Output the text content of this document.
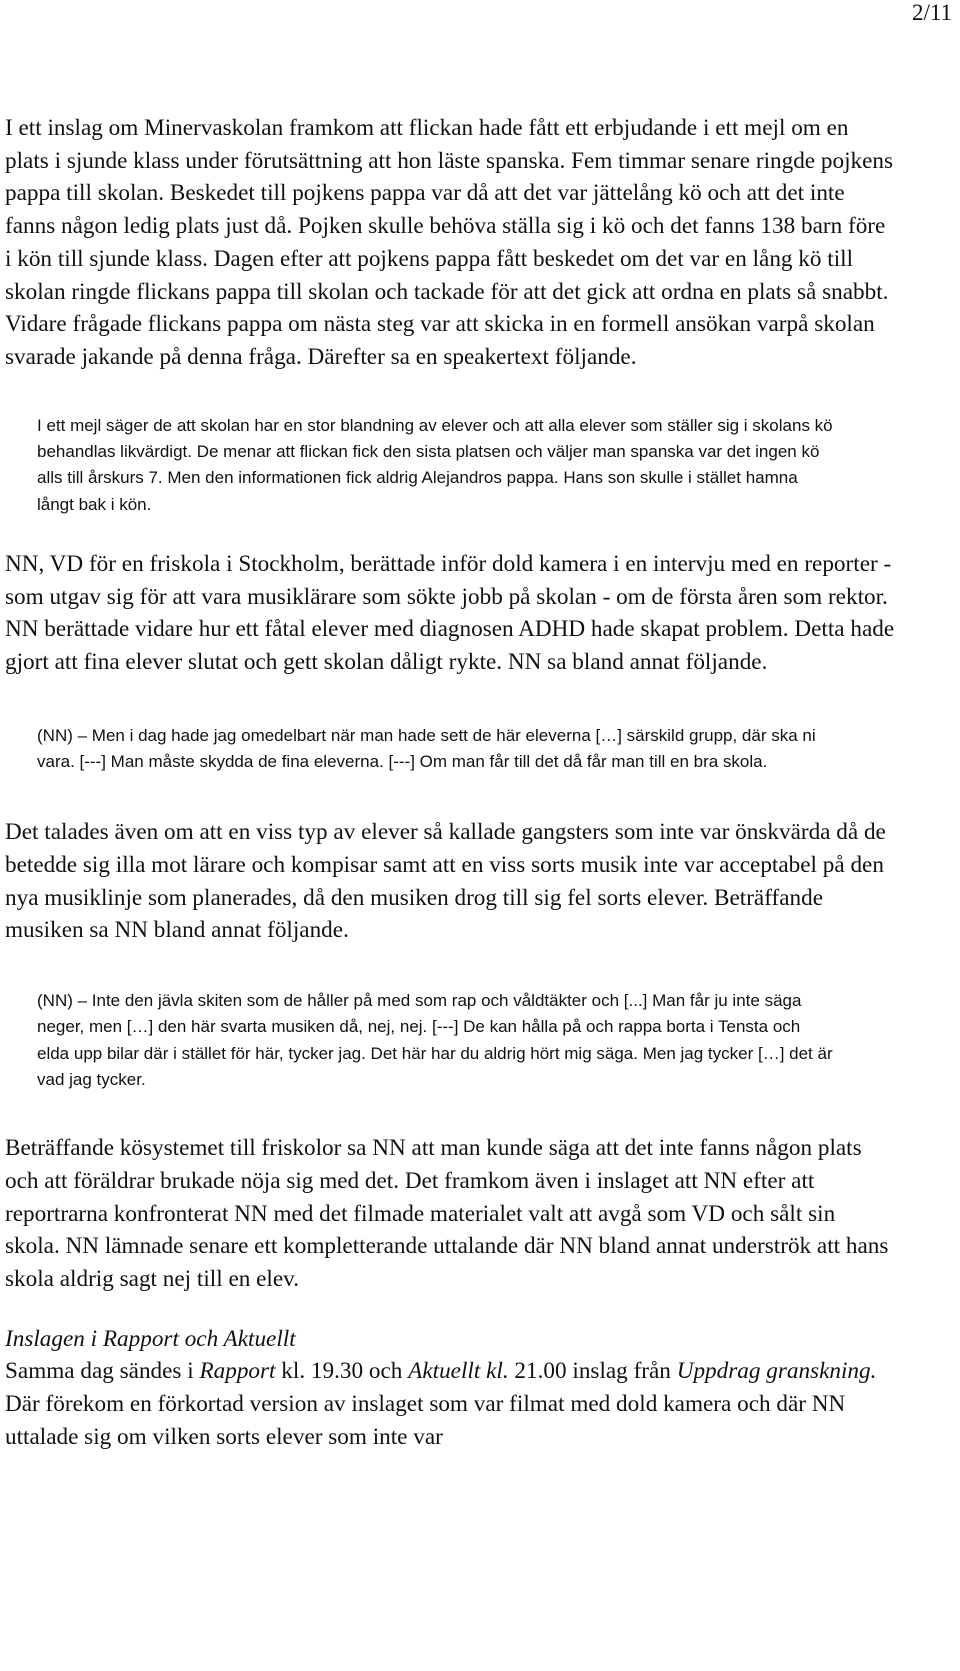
2/11

I ett inslag om Minervaskolan framkom att flickan hade fått ett erbjudande i ett mejl om en plats i sjunde klass under förutsättning att hon läste spanska. Fem timmar senare ringde pojkens pappa till skolan. Beskedet till pojkens pappa var då att det var jättelång kö och att det inte fanns någon ledig plats just då. Pojken skulle behöva ställa sig i kö och det fanns 138 barn före i kön till sjunde klass. Dagen efter att pojkens pappa fått beskedet om det var en lång kö till skolan ringde flickans pappa till skolan och tackade för att det gick att ordna en plats så snabbt. Vidare frågade flickans pappa om nästa steg var att skicka in en formell ansökan varpå skolan svarade jakande på denna fråga. Därefter sa en speakertext följande.

I ett mejl säger de att skolan har en stor blandning av elever och att alla elever som ställer sig i skolans kö behandlas likvärdigt. De menar att flickan fick den sista platsen och väljer man spanska var det ingen kö alls till årskurs 7. Men den informationen fick aldrig Alejandros pappa. Hans son skulle i stället hamna långt bak i kön.

NN, VD för en friskola i Stockholm, berättade inför dold kamera i en intervju med en reporter - som utgav sig för att vara musiklärare som sökte jobb på skolan - om de första åren som rektor. NN berättade vidare hur ett fåtal elever med diagnosen ADHD hade skapat problem. Detta hade gjort att fina elever slutat och gett skolan dåligt rykte. NN sa bland annat följande.

(NN) – Men i dag hade jag omedelbart när man hade sett de här eleverna […] särskild grupp, där ska ni vara. [---] Man måste skydda de fina eleverna. [---] Om man får till det då får man till en bra skola.

Det talades även om att en viss typ av elever så kallade gangsters som inte var önskvärda då de betedde sig illa mot lärare och kompisar samt att en viss sorts musik inte var acceptabel på den nya musiklinje som planerades, då den musiken drog till sig fel sorts elever. Beträffande musiken sa NN bland annat följande.

(NN) – Inte den jävla skiten som de håller på med som rap och våldtäkter och [...] Man får ju inte säga neger, men […] den här svarta musiken då, nej, nej. [---] De kan hålla på och rappa borta i Tensta och elda upp bilar där i stället för här, tycker jag. Det här har du aldrig hört mig säga. Men jag tycker […] det är vad jag tycker.

Beträffande kösystemet till friskolor sa NN att man kunde säga att det inte fanns någon plats och att föräldrar brukade nöja sig med det. Det framkom även i inslaget att NN efter att reportrarna konfronterat NN med det filmade materialet valt att avgå som VD och sålt sin skola. NN lämnade senare ett kompletterande uttalande där NN bland annat underströk att hans skola aldrig sagt nej till en elev.

Inslagen i Rapport och Aktuellt

Samma dag sändes i Rapport kl. 19.30 och Aktuellt kl. 21.00 inslag från Uppdrag granskning. Där förekom en förkortad version av inslaget som var filmat med dold kamera och där NN uttalade sig om vilken sorts elever som inte var
